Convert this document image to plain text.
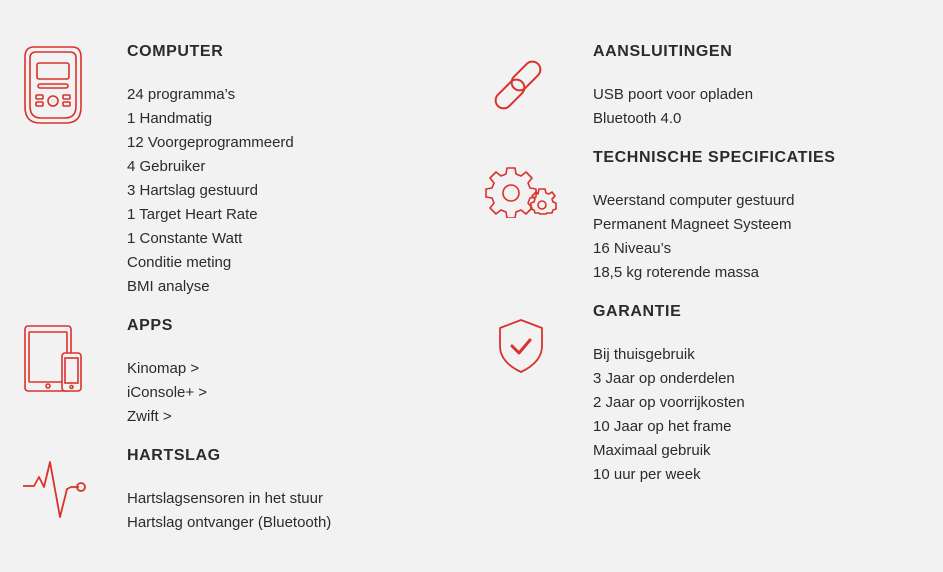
COMPUTER
24 programma’s
1 Handmatig
12 Voorgeprogrammeerd
4 Gebruiker
3 Hartslag gestuurd
1 Target Heart Rate
1 Constante Watt
Conditie meting
BMI analyse
APPS
Kinomap >
iConsole+ >
Zwift >
HARTSLAG
Hartslagsensoren in het stuur
Hartslag ontvanger (Bluetooth)
AANSLUITINGEN
USB poort voor opladen
Bluetooth 4.0
TECHNISCHE SPECIFICATIES
Weerstand computer gestuurd
Permanent Magneet Systeem
16 Niveau’s
18,5 kg roterende massa
GARANTIE
Bij thuisgebruik
3 Jaar op onderdelen
2 Jaar op voorrijkosten
10 Jaar op het frame
Maximaal gebruik
10 uur per week
